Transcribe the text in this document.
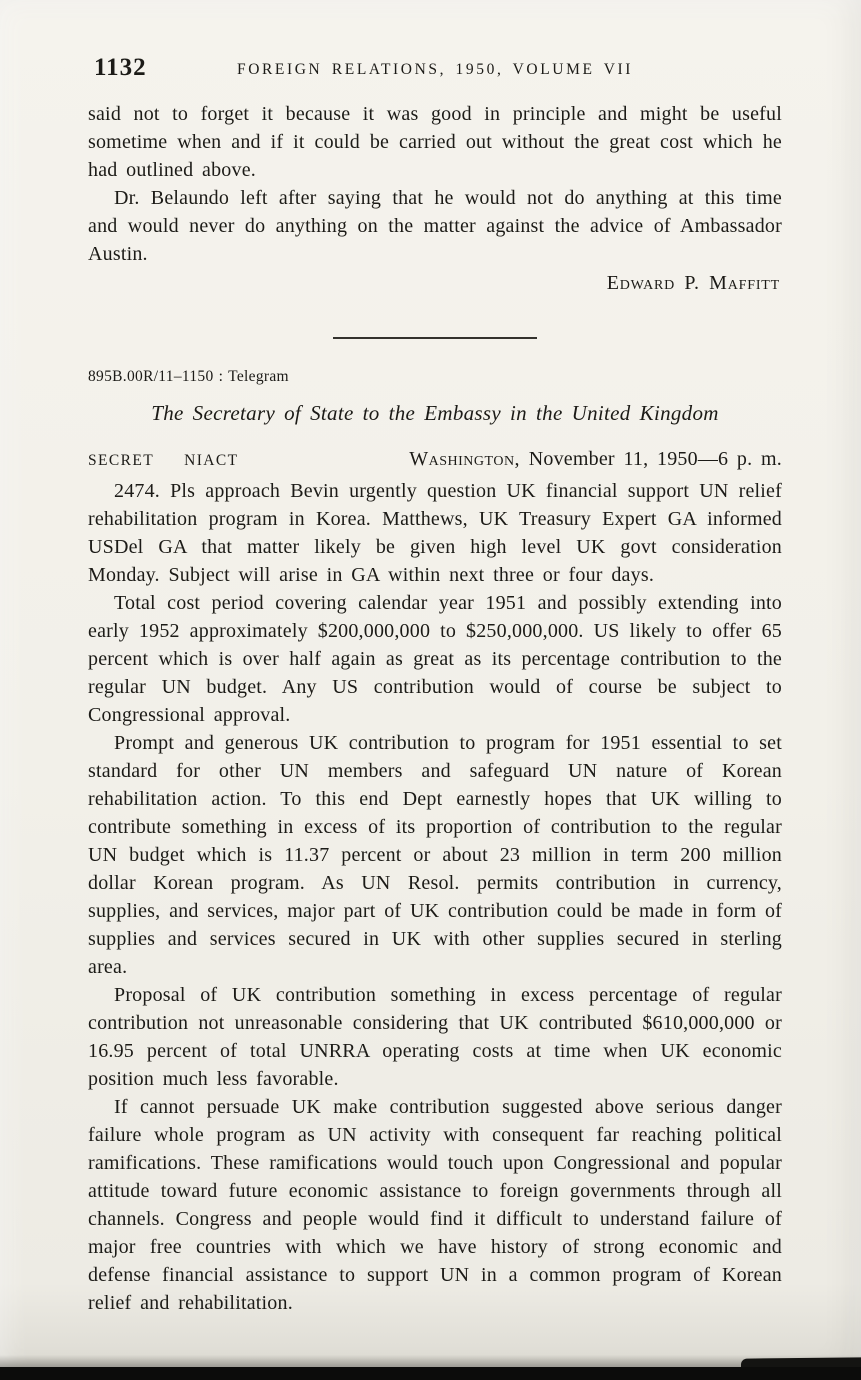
1132	FOREIGN RELATIONS, 1950, VOLUME VII

said not to forget it because it was good in principle and might be useful sometime when and if it could be carried out without the great cost which he had outlined above.

Dr. Belaundo left after saying that he would not do anything at this time and would never do anything on the matter against the advice of Ambassador Austin.

Edward P. Maffitt

895B.00R/11–1150 : Telegram

The Secretary of State to the Embassy in the United Kingdom
SECRET NIACT	Washington, November 11, 1950—6 p. m.

2474. Pls approach Bevin urgently question UK financial support UN relief rehabilitation program in Korea. Matthews, UK Treasury Expert GA informed USDel GA that matter likely be given high level UK govt consideration Monday. Subject will arise in GA within next three or four days.

Total cost period covering calendar year 1951 and possibly extending into early 1952 approximately $200,000,000 to $250,000,000. US likely to offer 65 percent which is over half again as great as its percentage contribution to the regular UN budget. Any US contribution would of course be subject to Congressional approval.

Prompt and generous UK contribution to program for 1951 essential to set standard for other UN members and safeguard UN nature of Korean rehabilitation action. To this end Dept earnestly hopes that UK willing to contribute something in excess of its proportion of contribution to the regular UN budget which is 11.37 percent or about 23 million in term 200 million dollar Korean program. As UN Resol. permits contribution in currency, supplies, and services, major part of UK contribution could be made in form of supplies and services secured in UK with other supplies secured in sterling area.

Proposal of UK contribution something in excess percentage of regular contribution not unreasonable considering that UK contributed $610,000,000 or 16.95 percent of total UNRRA operating costs at time when UK economic position much less favorable.

If cannot persuade UK make contribution suggested above serious danger failure whole program as UN activity with consequent far reaching political ramifications. These ramifications would touch upon Congressional and popular attitude toward future economic assistance to foreign governments through all channels. Congress and people would find it difficult to understand failure of major free countries with which we have history of strong economic and defense financial assistance to support UN in a common program of Korean relief and rehabilitation.
